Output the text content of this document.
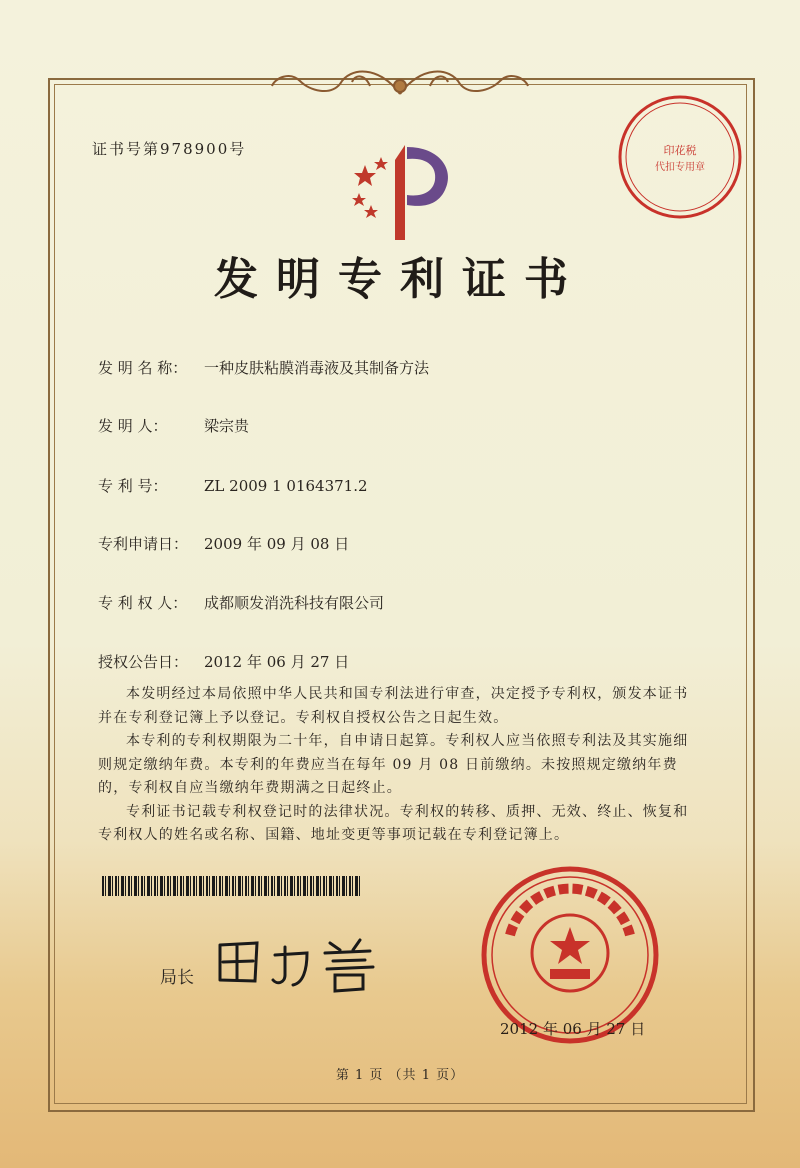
证书号第978900号	印花税
代扣专用章
发明专利证书
发 明 名 称： 一种皮肤粘膜消毒液及其制备方法
发 明 人： 梁宗贵
专 利 号： ZL 2009 1 0164371.2
专利申请日： 2009 年 09 月 08 日
专 利 权 人： 成都顺发消洗科技有限公司
授权公告日： 2012 年 06 月 27 日

本发明经过本局依照中华人民共和国专利法进行审查，决定授予专利权，颁发本证书并在专利登记簿上予以登记。专利权自授权公告之日起生效。

本专利的专利权期限为二十年，自申请日起算。专利权人应当依照专利法及其实施细则规定缴纳年费。本专利的年费应当在每年 09 月 08 日前缴纳。未按照规定缴纳年费的，专利权自应当缴纳年费期满之日起终止。

专利证书记载专利权登记时的法律状况。专利权的转移、质押、无效、终止、恢复和专利权人的姓名或名称、国籍、地址变更等事项记载在专利登记簿上。

局长
2012 年 06 月 27 日
第 1 页 （共 1 页）
